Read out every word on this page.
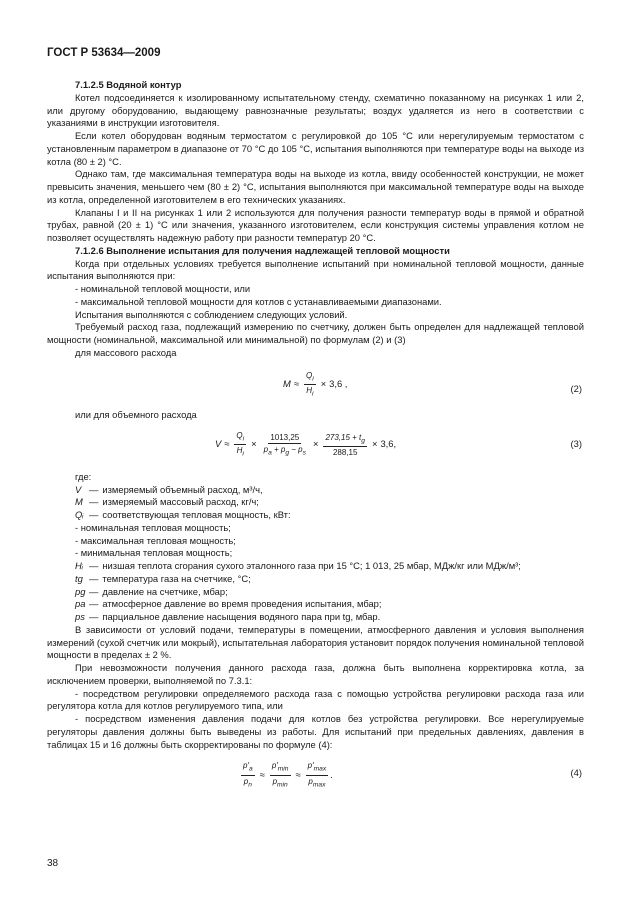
ГОСТ Р 53634—2009

7.1.2.5 Водяной контур

Котел подсоединяется к изолированному испытательному стенду, схематично показанному на рисунках 1 или 2, или другому оборудованию, выдающему равнозначные результаты; воздух удаляется из него в соответствии с указаниями в инструкции изготовителя.

Если котел оборудован водяным термостатом с регулировкой до 105 °С или нерегулируемым термостатом с установленным параметром в диапазоне от 70 °С до 105 °С, испытания выполняются при температуре воды на выходе из котла (80 ± 2) °С.

Однако там, где максимальная температура воды на выходе из котла, ввиду особенностей конструкции, не может превысить значения, меньшего чем (80 ± 2) °С, испытания выполняются при максимальной температуре воды на выходе из котла, определенной изготовителем в его технических указаниях.

Клапаны I и II на рисунках 1 или 2 используются для получения разности температур воды в прямой и обратной трубах, равной (20 ± 1) °С или значения, указанного изготовителем, если конструкция системы управления котлом не позволяет осуществлять надежную работу при разности температур 20 °С.

7.1.2.6 Выполнение испытания для получения надлежащей тепловой мощности

Когда при отдельных условиях требуется выполнение испытаний при номинальной тепловой мощности, данные испытания выполняются при:

- номинальной тепловой мощности, или

- максимальной тепловой мощности для котлов с устанавливаемыми диапазонами.

Испытания выполняются с соблюдением следующих условий.

Требуемый расход газа, подлежащий измерению по счетчику, должен быть определен для надлежащей тепловой мощности (номинальной, максимальной или минимальной) по формулам (2) и (3)

для массового расхода
$M \approx \frac{Q_i}{H_i} \times 3,6$ ,	(2)
или для объемного расхода
$V \approx \frac{Q_i}{H_i} \times \frac{1013,25}{p_a + p_g - p_s} \times \frac{273,15 + t_g}{288,15} \times 3,6$,	(3)

где:

V — измеряемый объемный расход, м³/ч,
M — измеряемый массовый расход, кг/ч;
Qᵢ — соответствующая тепловая мощность, кВт:

- номинальная тепловая мощность;

- максимальная тепловая мощность;

- минимальная тепловая мощность;

Hᵢ — низшая теплота сгорания сухого эталонного газа при 15 °С; 1 013, 25 мбар, МДж/кг или МДж/м³;
tg — температура газа на счетчике, °С;
pg — давление на счетчике, мбар;
pa — атмосферное давление во время проведения испытания, мбар;
ps — парциальное давление насыщения водяного пара при tg, мбар.

В зависимости от условий подачи, температуры в помещении, атмосферного давления и условия выполнения измерений (сухой счетчик или мокрый), испытательная лаборатория установит порядок получения номинальной тепловой мощности в пределах ± 2 %.

При невозможности получения данного расхода газа, должна быть выполнена корректировка котла, за исключением проверки, выполняемой по 7.3.1:

- посредством регулировки определяемого расхода газа с помощью устройства регулировки расхода газа или регулятора котла для котлов регулируемого типа, или

- посредством изменения давления подачи для котлов без устройства регулировки. Все нерегулируемые регуляторы давления должны быть выведены из работы. Для испытаний при предельных давлениях, давления в таблицах 15 и 16 должны быть скорректированы по формуле (4):

$\frac{p'_a}{p_n}$ ≈
$p'_{min}$
$p_{min}$
≈
$p'_{max}$
$p_{max}$
.	(4)
38
